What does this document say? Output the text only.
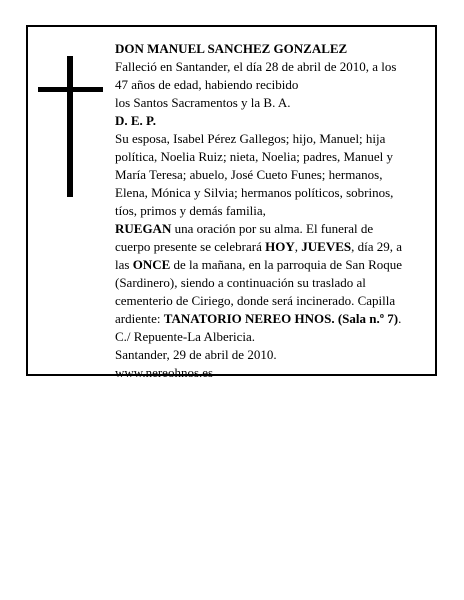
DON MANUEL SANCHEZ GONZALEZ
Falleció en Santander, el día 28 de abril de 2010, a los
47 años de edad, habiendo recibido
los Santos Sacramentos y la B. A.
D. E. P.
Su esposa, Isabel Pérez Gallegos; hijo, Manuel; hija
política, Noelia Ruiz; nieta, Noelia; padres, Manuel y
María Teresa; abuelo, José Cueto Funes; hermanos,
Elena, Mónica y Silvia; hermanos políticos, sobrinos,
tíos, primos y demás familia,
RUEGAN una oración por su alma. El funeral de
cuerpo presente se celebrará HOY, JUEVES, día 29, a
las ONCE de la mañana, en la parroquia de San Roque
(Sardinero), siendo a continuación su traslado al
cementerio de Ciriego, donde será incinerado. Capilla
ardiente: TANATORIO NEREO HNOS. (Sala n.º 7).
C./ Repuente-La Albericia.
Santander, 29 de abril de 2010.
www.nereohnos.es
